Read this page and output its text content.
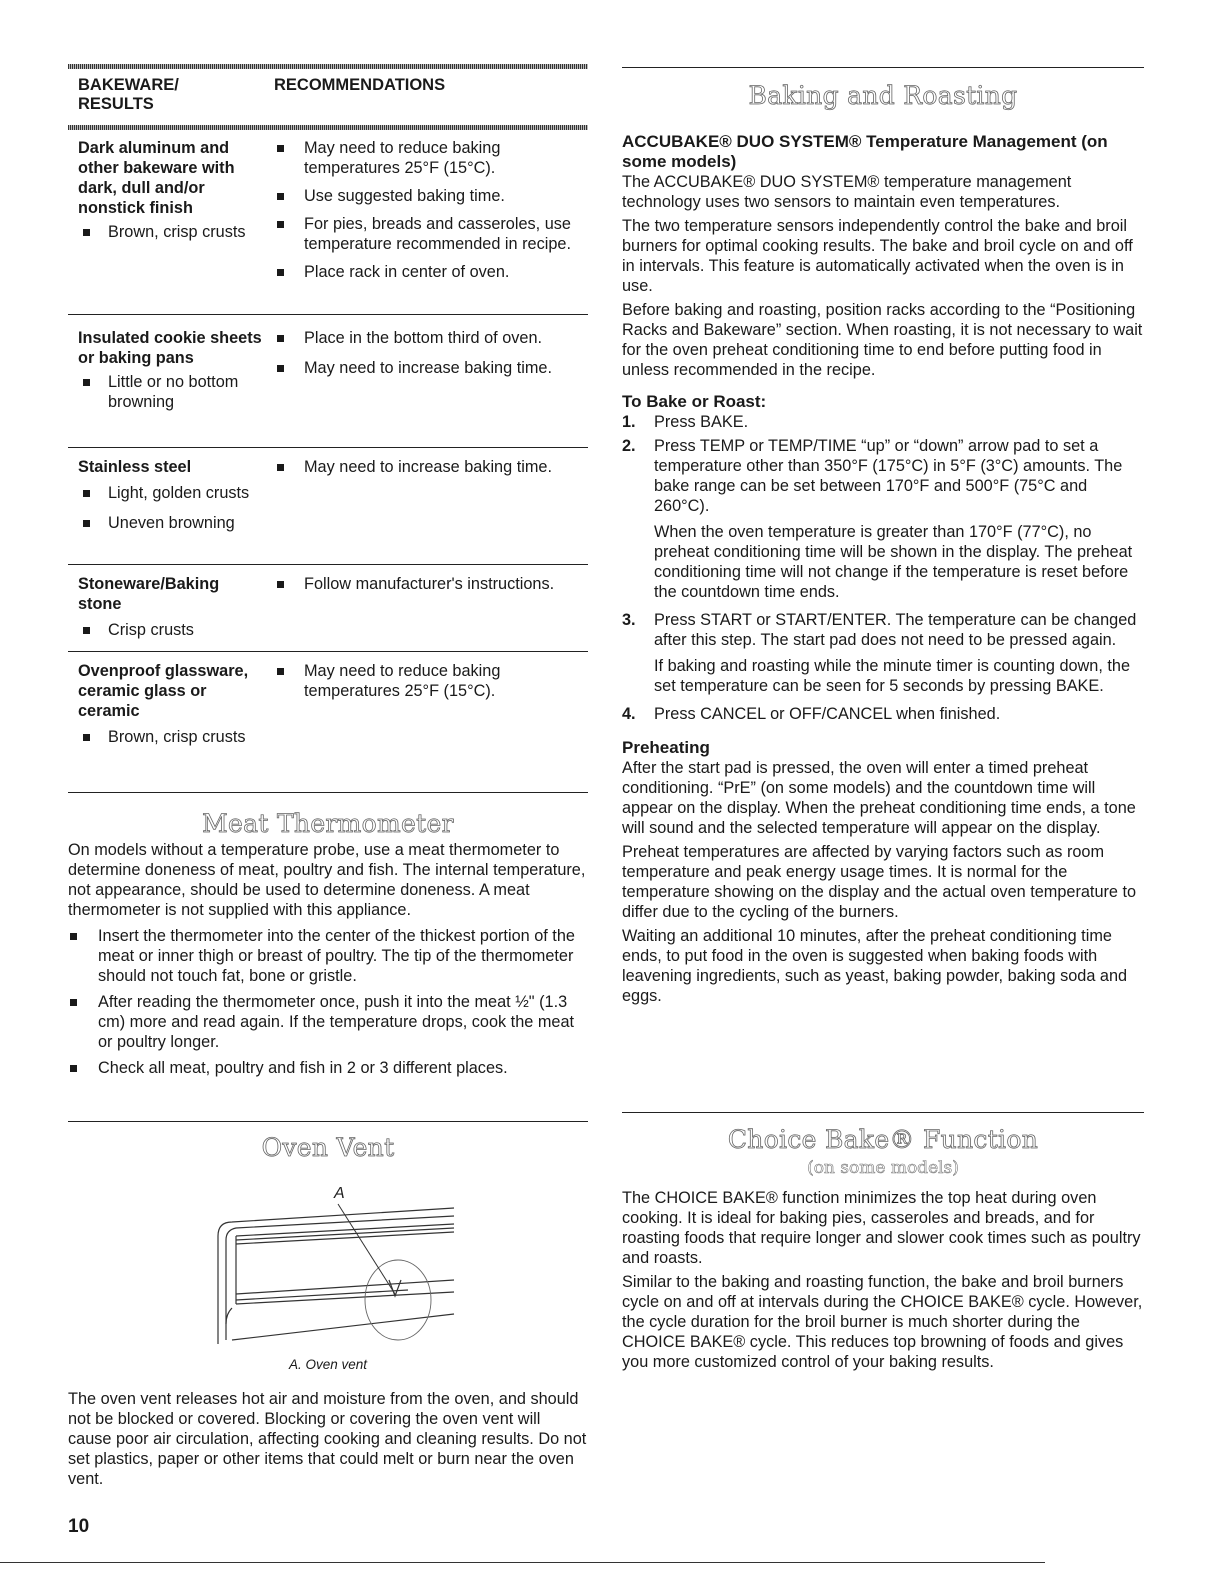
BAKEWARE/ RESULTS
RECOMMENDATIONS
Dark aluminum and other bakeware with dark, dull and/or nonstick finish
Brown, crisp crusts
May need to reduce baking temperatures 25°F (15°C).
Use suggested baking time.
For pies, breads and casseroles, use temperature recommended in recipe.
Place rack in center of oven.
Insulated cookie sheets or baking pans
Little or no bottom browning
Place in the bottom third of oven.
May need to increase baking time.
Stainless steel
Light, golden crusts
Uneven browning
May need to increase baking time.
Stoneware/Baking stone
Crisp crusts
Follow manufacturer's instructions.
Ovenproof glassware, ceramic glass or ceramic
Brown, crisp crusts
May need to reduce baking temperatures 25°F (15°C).
Meat Thermometer

On models without a temperature probe, use a meat thermometer to determine doneness of meat, poultry and fish. The internal temperature, not appearance, should be used to determine doneness. A meat thermometer is not supplied with this appliance.

Insert the thermometer into the center of the thickest portion of the meat or inner thigh or breast of poultry. The tip of the thermometer should not touch fat, bone or gristle.
After reading the thermometer once, push it into the meat ½" (1.3 cm) more and read again. If the temperature drops, cook the meat or poultry longer.
Check all meat, poultry and fish in 2 or 3 different places.
Oven Vent
A
A. Oven vent

The oven vent releases hot air and moisture from the oven, and should not be blocked or covered. Blocking or covering the oven vent will cause poor air circulation, affecting cooking and cleaning results. Do not set plastics, paper or other items that could melt or burn near the oven vent.

Baking and Roasting
ACCUBAKE® DUO SYSTEM® Temperature Management (on some models)

The ACCUBAKE® DUO SYSTEM® temperature management technology uses two sensors to maintain even temperatures.

The two temperature sensors independently control the bake and broil burners for optimal cooking results. The bake and broil cycle on and off in intervals. This feature is automatically activated when the oven is in use.

Before baking and roasting, position racks according to the “Positioning Racks and Bakeware” section. When roasting, it is not necessary to wait for the oven preheat conditioning time to end before putting food in unless recommended in the recipe.

To Bake or Roast:
1. Press BAKE.

2. Press TEMP or TEMP/TIME “up” or “down” arrow pad to set a temperature other than 350°F (175°C) in 5°F (3°C) amounts. The bake range can be set between 170°F and 500°F (75°C and 260°C).

When the oven temperature is greater than 170°F (77°C), no preheat conditioning time will be shown in the display. The preheat conditioning time will not change if the temperature is reset before the countdown time ends.

3. Press START or START/ENTER. The temperature can be changed after this step. The start pad does not need to be pressed again.

If baking and roasting while the minute timer is counting down, the set temperature can be seen for 5 seconds by pressing BAKE.

4. Press CANCEL or OFF/CANCEL when finished.

Preheating

After the start pad is pressed, the oven will enter a timed preheat conditioning. “PrE” (on some models) and the countdown time will appear on the display. When the preheat conditioning time ends, a tone will sound and the selected temperature will appear on the display.

Preheat temperatures are affected by varying factors such as room temperature and peak energy usage times. It is normal for the temperature showing on the display and the actual oven temperature to differ due to the cycling of the burners.

Waiting an additional 10 minutes, after the preheat conditioning time ends, to put food in the oven is suggested when baking foods with leavening ingredients, such as yeast, baking powder, baking soda and eggs.

Choice Bake® Function
(on some models)

The CHOICE BAKE® function minimizes the top heat during oven cooking. It is ideal for baking pies, casseroles and breads, and for roasting foods that require longer and slower cook times such as poultry and roasts.

Similar to the baking and roasting function, the bake and broil burners cycle on and off at intervals during the CHOICE BAKE® cycle. However, the cycle duration for the broil burner is much shorter during the CHOICE BAKE® cycle. This reduces top browning of foods and gives you more customized control of your baking results.

10
